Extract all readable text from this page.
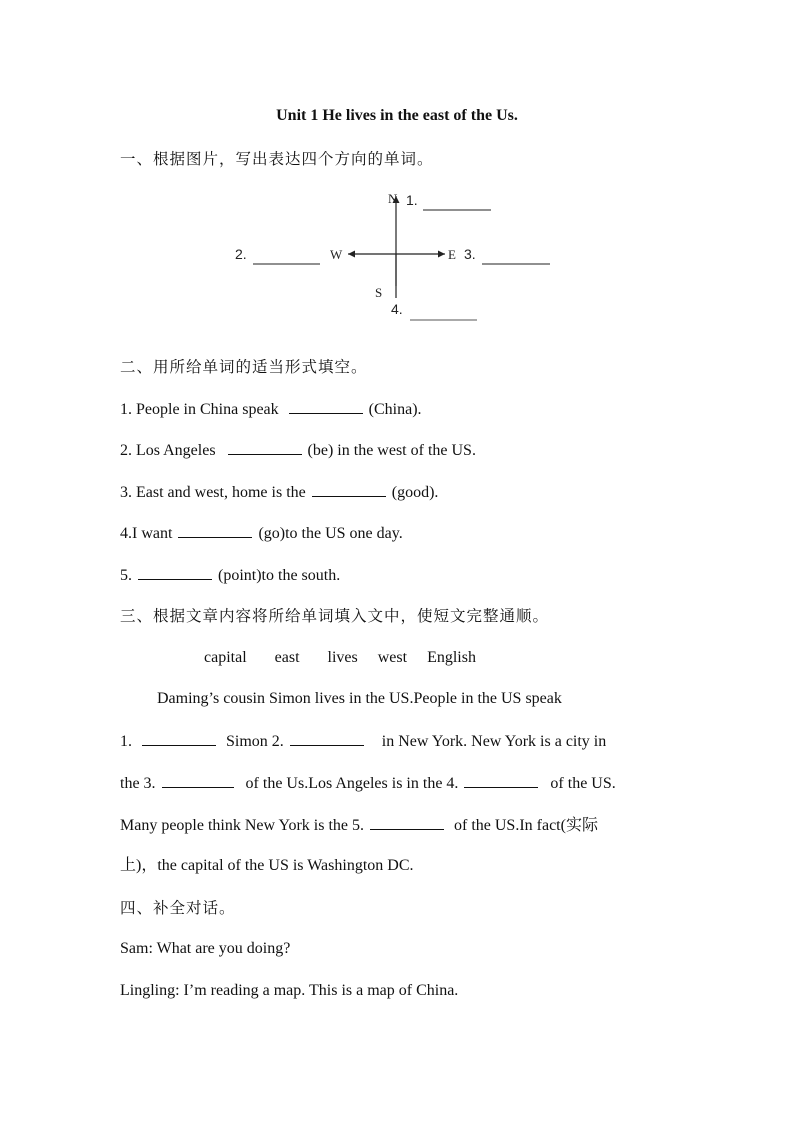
Unit 1 He lives in the east of the Us.
一、根据图片，写出表达四个方向的单词。
N
S
W	E
1.
2.	3.
4.
二、用所给单词的适当形式填空。
1. People in China speak	(China).
2. Los Angeles	(be) in the west of the US.
3. East and west, home is the	(good).
4.I want	(go)to the US one day.
5.	(point)to the south.
三、根据文章内容将所给单词填入文中，使短文完整通顺。
capital east lives west English
Daming’s cousin Simon lives in the US.People in the US speak
1.	Simon 2.	in New York. New York is a city in
the 3.	of the Us.Los Angeles is in the 4.	of the US.
Many people think New York is the 5.	of the US.In fact(实际
上)，the capital of the US is Washington DC.
四、补全对话。
Sam: What are you doing?
Lingling: I’m reading a map. This is a map of China.
